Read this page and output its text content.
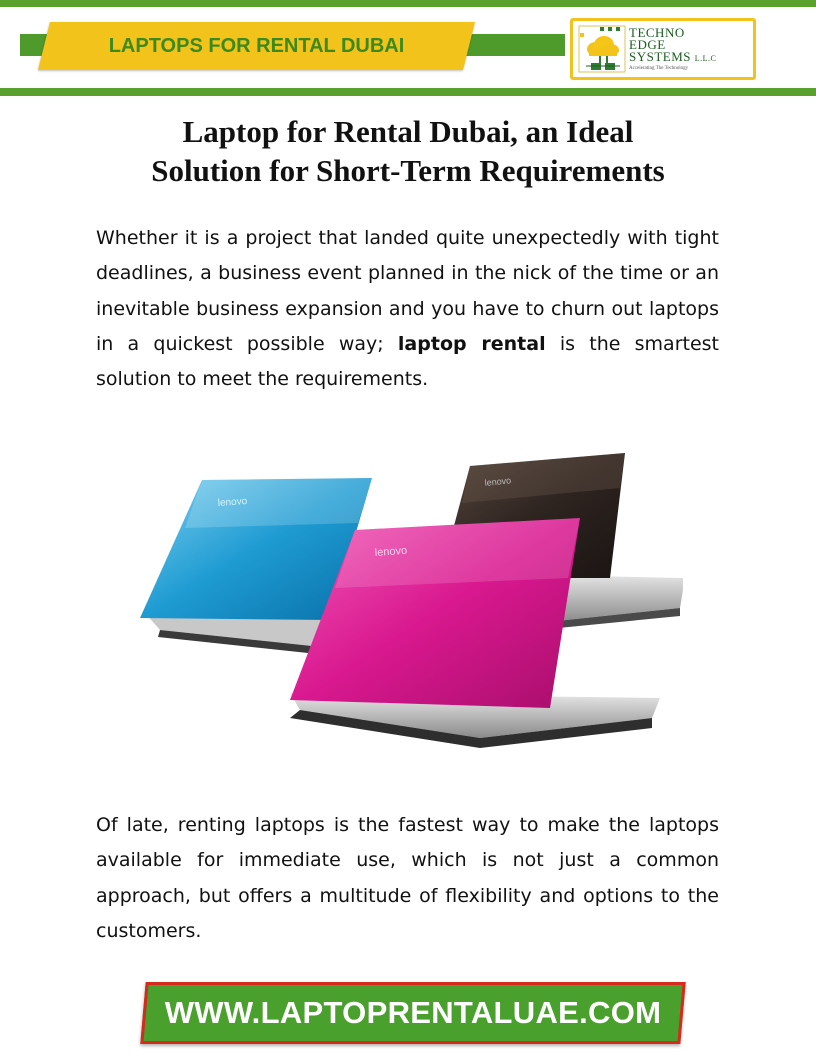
LAPTOPS FOR RENTAL DUBAI
TECHNO
EDGE
SYSTEMS L.L.C
Accelerating The Technology
Laptop for Rental Dubai, an Ideal
Solution for Short-Term Requirements

Whether it is a project that landed quite unexpectedly with tight deadlines, a business event planned in the nick of the time or an inevitable business expansion and you have to churn out laptops in a quickest possible way; laptop rental is the smartest solution to meet the requirements.

lenovo
lenovo
lenovo

Of late, renting laptops is the fastest way to make the laptops available for immediate use, which is not just a common approach, but offers a multitude of flexibility and options to the customers.

WWW.LAPTOPRENTALUAE.COM
